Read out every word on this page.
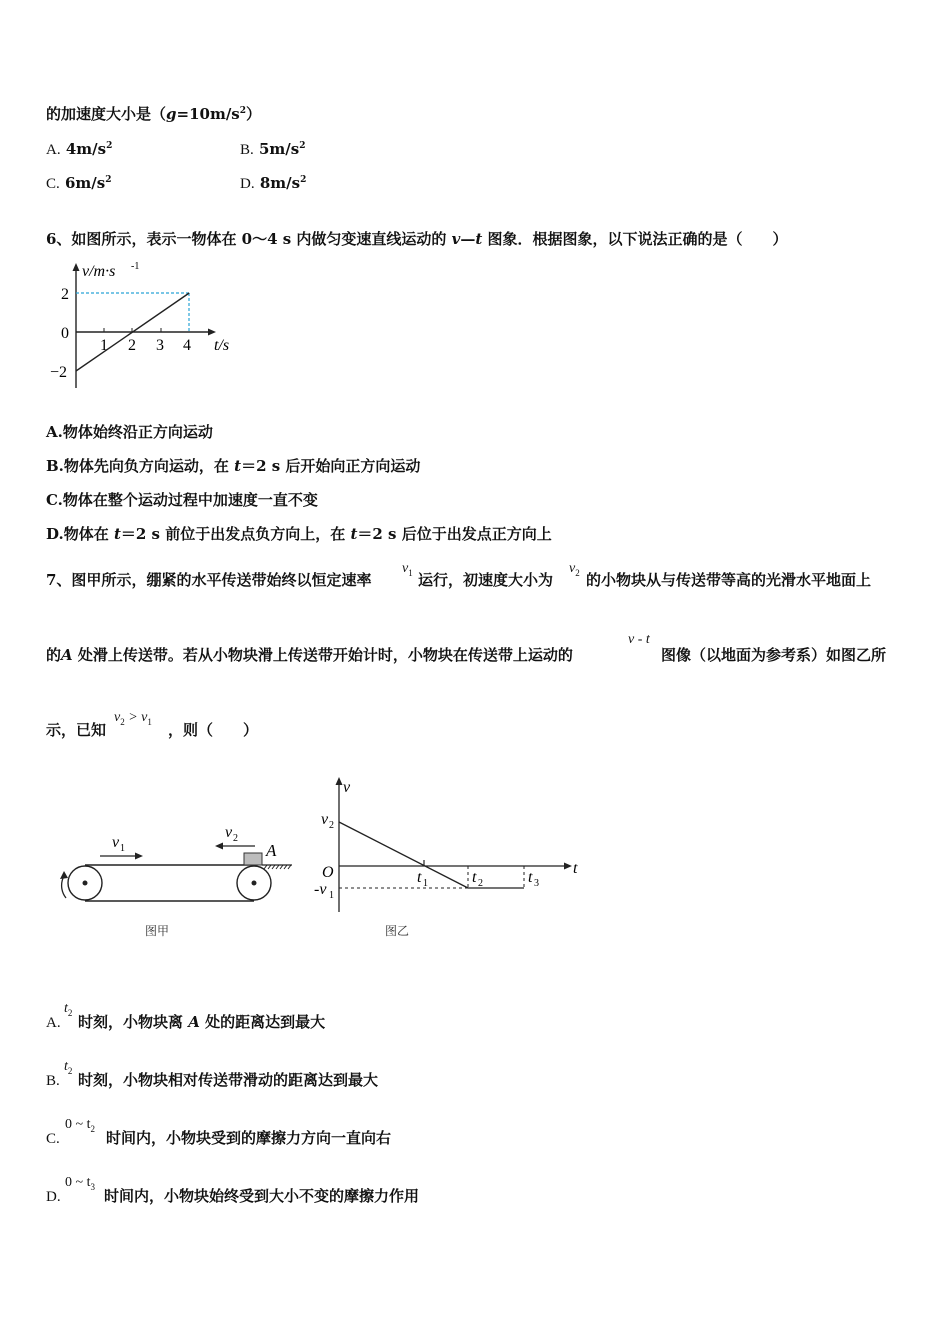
的加速度大小是$(g=10m/s^2)$
A. $4m/s^2$	B. $5m/s^2$
C. $6m/s^2$	D. $8m/s^2$
6、如图所示，表示一物体在 0～4 s 内做匀变速直线运动的 v—t 图象．根据图象，以下说法正确的是（　　）
v/m·s -1
2
0
−2
1 2 3 4 t/s
A.物体始终沿正方向运动
B.物体先向负方向运动，在 t＝2 s 后开始向正方向运动
C.物体在整个运动过程中加速度一直不变
D.物体在 t＝2 s 前位于出发点负方向上，在 t＝2 s 后位于出发点正方向上
7、图甲所示，绷紧的水平传送带始终以恒定速率
$v_1$ 运行，初速度大小为
$v_2$ 的小物块从与传送带等高的光滑水平地面上
的A 处滑上传送带。若从小物块滑上传送带开始计时，小物块在传送带上运动的
v - t
图像（以地面为参考系）如图乙所
示，已知
$v_2 > v_1$ ，则（　　）
v 1
v 2
A
图甲
v
t
O
v 2
-v 1
t 1	t 2	t 3
图乙
A.
$t_2$ 时刻，小物块离 A 处的距离达到最大
B.
$t_2$ 时刻，小物块相对传送带滑动的距离达到最大
C.
0 ~ $t_2$ 时间内，小物块受到的摩擦力方向一直向右
D.
0 ~ $t_3$ 时间内，小物块始终受到大小不变的摩擦力作用
